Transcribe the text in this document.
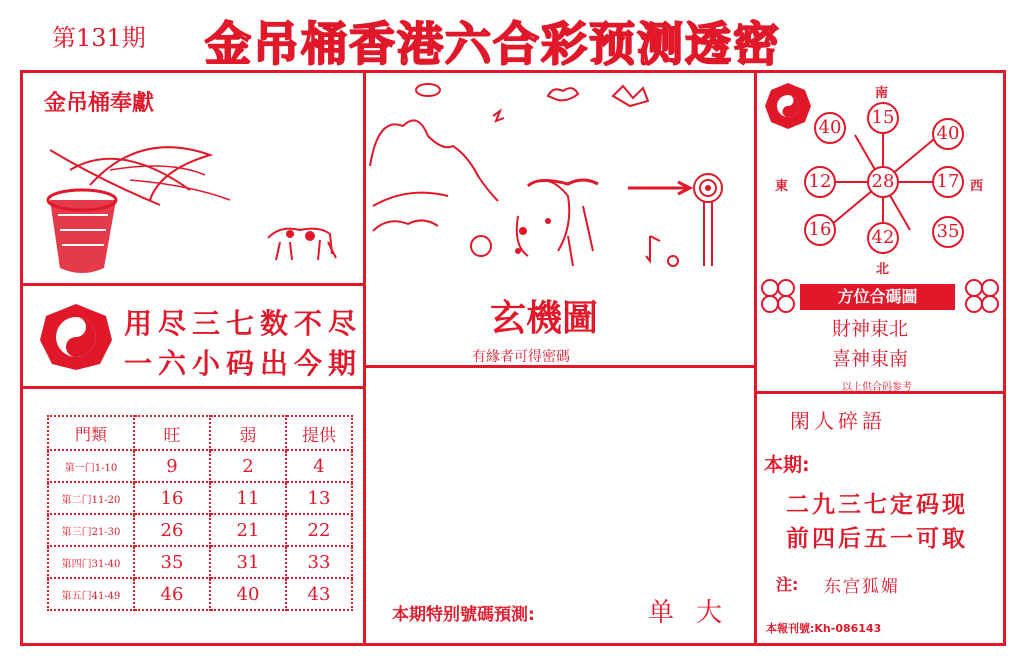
第131期 金吊桶香港六合彩预测透密
金吊桶奉獻
用尽三七数不尽
一六小码出今期
門類	旺	弱	提供
第一门1-10	9	2	4
第二门11-20	16	11	13
第三门21-30	26	21	22
第四门31-40	35	31	33
第五门41-49	46	40	43
玄機圖
有緣者可得密碼
本期特别號碼預測:	单大
南
北
東	西
15
40	40
12 28 17
16 42 35
方位合碼圖
財神東北
喜神東南
以上供合码参考
閑人碎語
本期:
二九三七定码现
前四后五一可取
注: 东宫狐媚
本報刊號:Kh-086143
